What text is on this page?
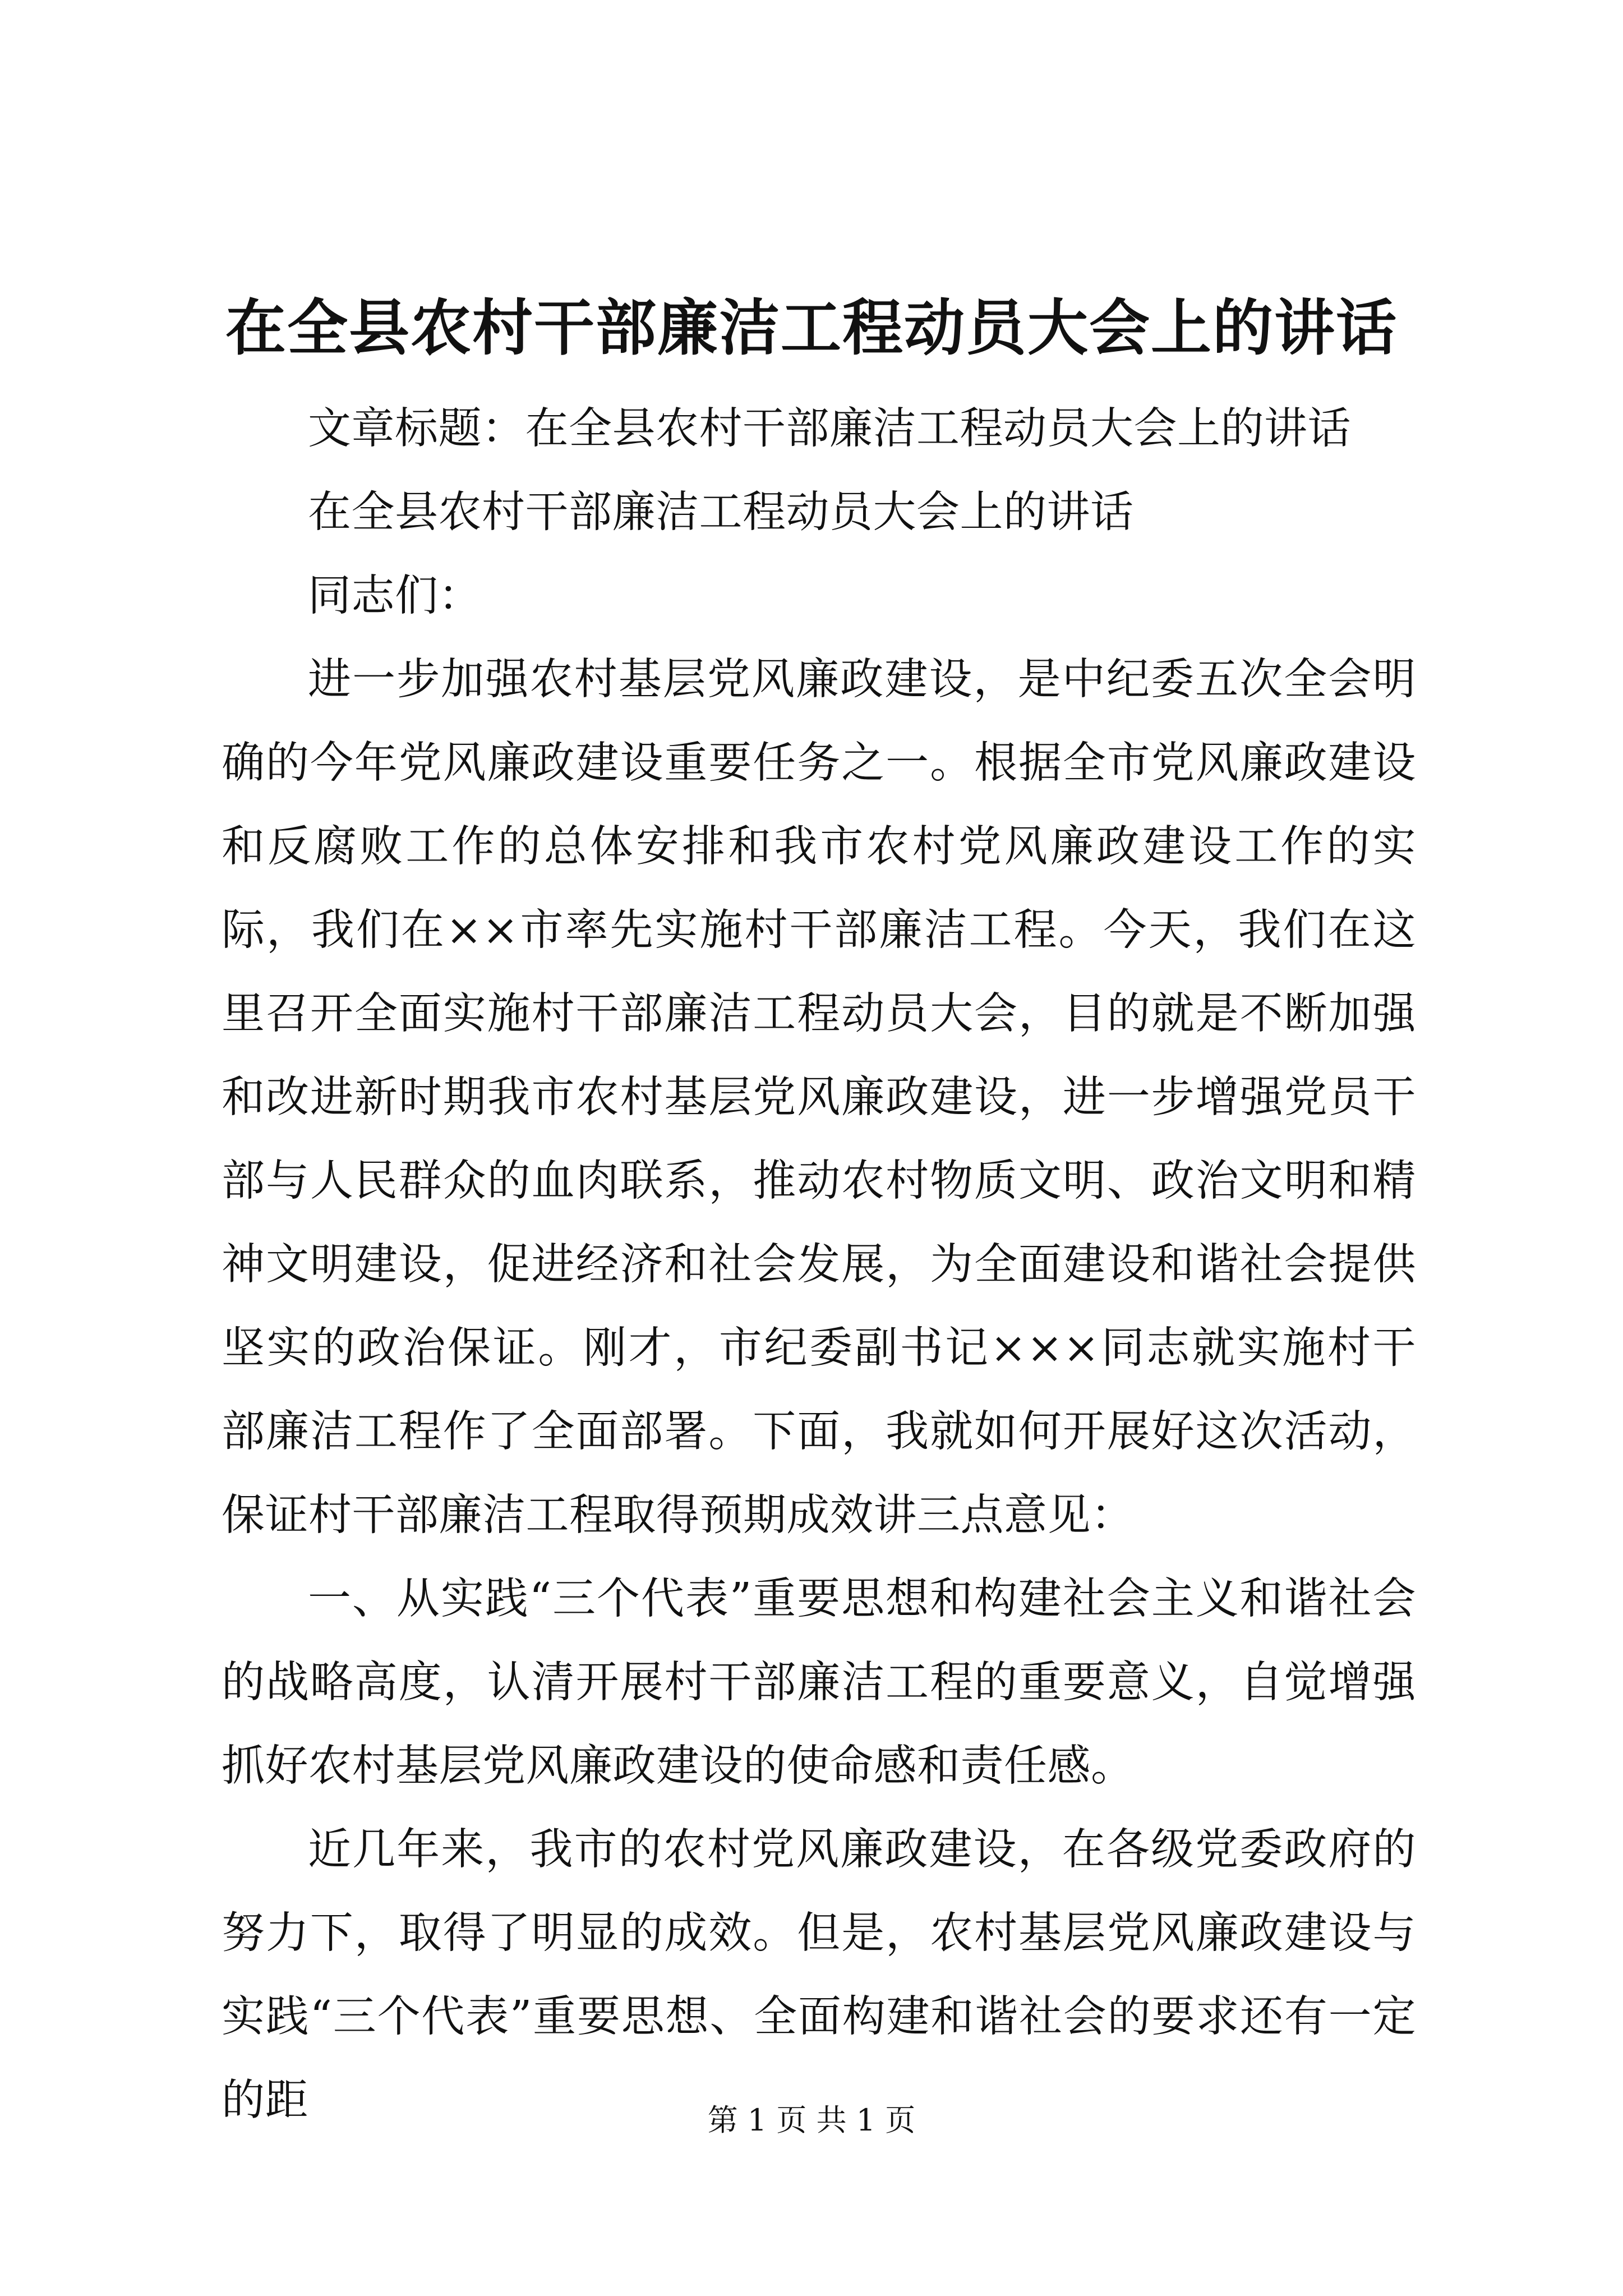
在全县农村干部廉洁工程动员大会上的讲话

文章标题：在全县农村干部廉洁工程动员大会上的讲话

在全县农村干部廉洁工程动员大会上的讲话

同志们：

进一步加强农村基层党风廉政建设，是中纪委五次全会明确的今年党风廉政建设重要任务之一。根据全市党风廉政建设和反腐败工作的总体安排和我市农村党风廉政建设工作的实际，我们在××市率先实施村干部廉洁工程。今天，我们在这里召开全面实施村干部廉洁工程动员大会，目的就是不断加强和改进新时期我市农村基层党风廉政建设，进一步增强党员干部与人民群众的血肉联系，推动农村物质文明、政治文明和精神文明建设，促进经济和社会发展，为全面建设和谐社会提供坚实的政治保证。刚才，市纪委副书记×××同志就实施村干部廉洁工程作了全面部署。下面，我就如何开展好这次活动，保证村干部廉洁工程取得预期成效讲三点意见：

一、从实践“三个代表”重要思想和构建社会主义和谐社会的战略高度，认清开展村干部廉洁工程的重要意义，自觉增强抓好农村基层党风廉政建设的使命感和责任感。

近几年来，我市的农村党风廉政建设，在各级党委政府的努力下，取得了明显的成效。但是，农村基层党风廉政建设与实践“三个代表”重要思想、全面构建和谐社会的要求还有一定的距	第 1 页 共 1 页
